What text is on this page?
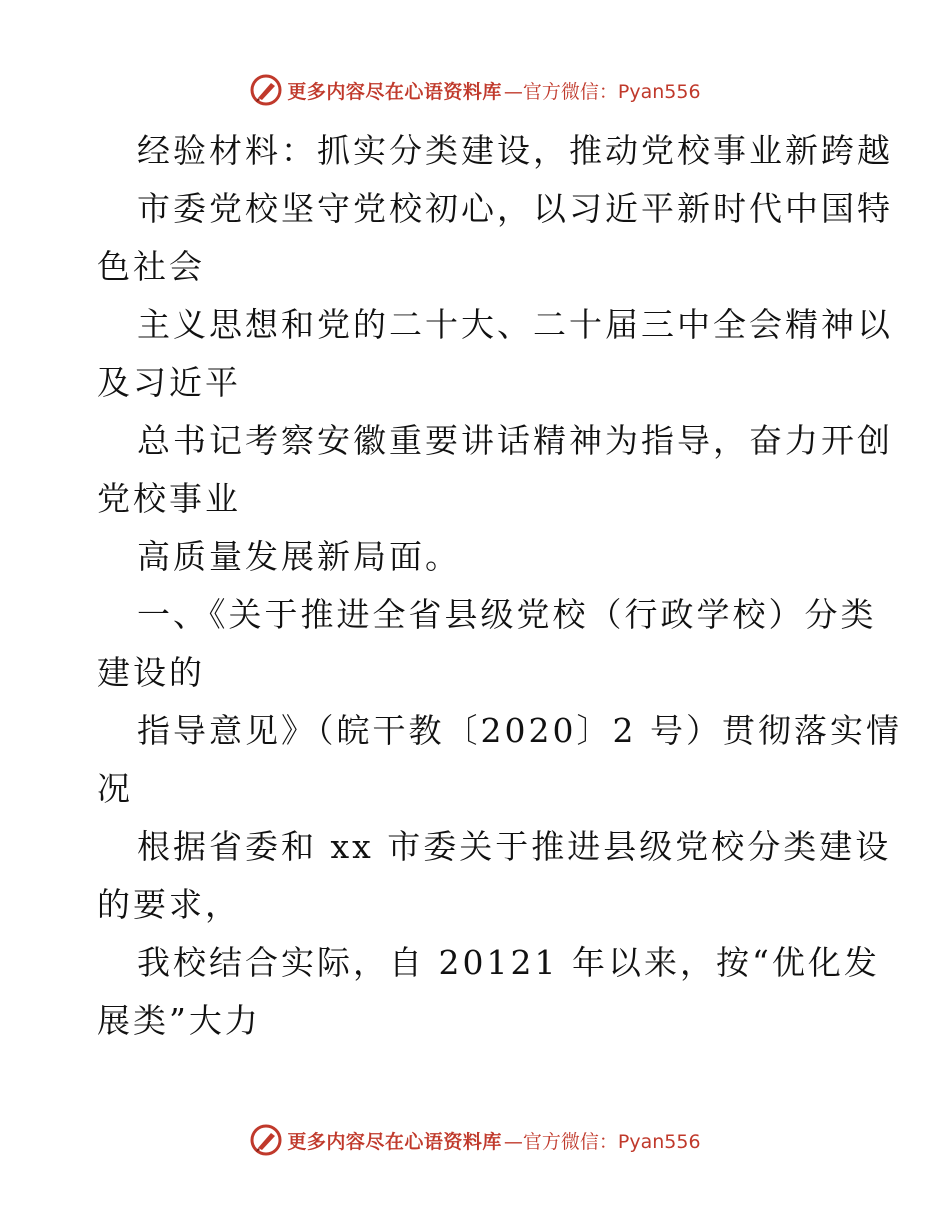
更多内容尽在心语资料库 —官方微信：Pyan556
经验材料：抓实分类建设，推动党校事业新跨越
市委党校坚守党校初心，以习近平新时代中国特
色社会
主义思想和党的二十大、二十届三中全会精神以
及习近平
总书记考察安徽重要讲话精神为指导，奋力开创
党校事业
高质量发展新局面。
一、《关于推进全省县级党校（行政学校）分类
建设的
指导意见》（皖干教〔2020〕2 号）贯彻落实情
况
根据省委和 xx 市委关于推进县级党校分类建设
的要求，
我校结合实际，自 20121 年以来，按“优化发
展类”大力
更多内容尽在心语资料库 —官方微信：Pyan556
